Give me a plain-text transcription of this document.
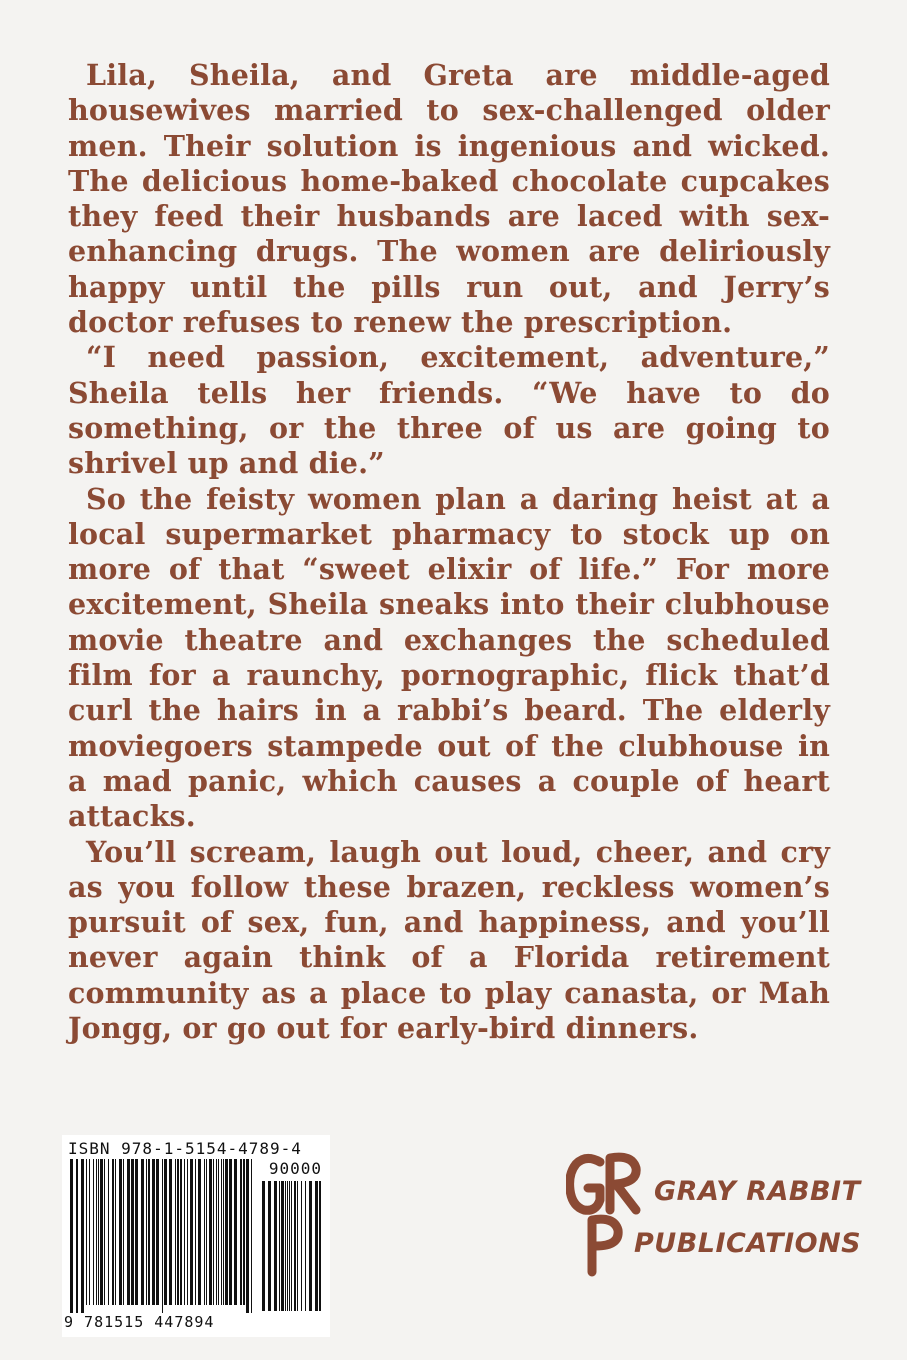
Lila, Sheila, and Greta are middle-aged housewives married to sex-challenged older men. Their solution is ingenious and wicked. The delicious home-baked chocolate cupcakes they feed their husbands are laced with sex-enhancing drugs. The women are deliriously happy until the pills run out, and Jerry’s doctor refuses to renew the prescription.

“I need passion, excitement, adventure,” Sheila tells her friends. “We have to do something, or the three of us are going to shrivel up and die.”

So the feisty women plan a daring heist at a local supermarket pharmacy to stock up on more of that “sweet elixir of life.” For more excitement, Sheila sneaks into their clubhouse movie theatre and exchanges the scheduled film for a raunchy, pornographic, flick that’d curl the hairs in a rabbi’s beard. The elderly moviegoers stampede out of the clubhouse in a mad panic, which causes a couple of heart attacks.

You’ll scream, laugh out loud, cheer, and cry as you follow these brazen, reckless women’s pursuit of sex, fun, and happiness, and you’ll never again think of a Florida retirement community as a place to play canasta, or Mah Jongg, or go out for early-bird dinners.

ISBN 978-1-5154-4789-4
90000
9 781515 447894
GRAY RABBIT
PUBLICATIONS
